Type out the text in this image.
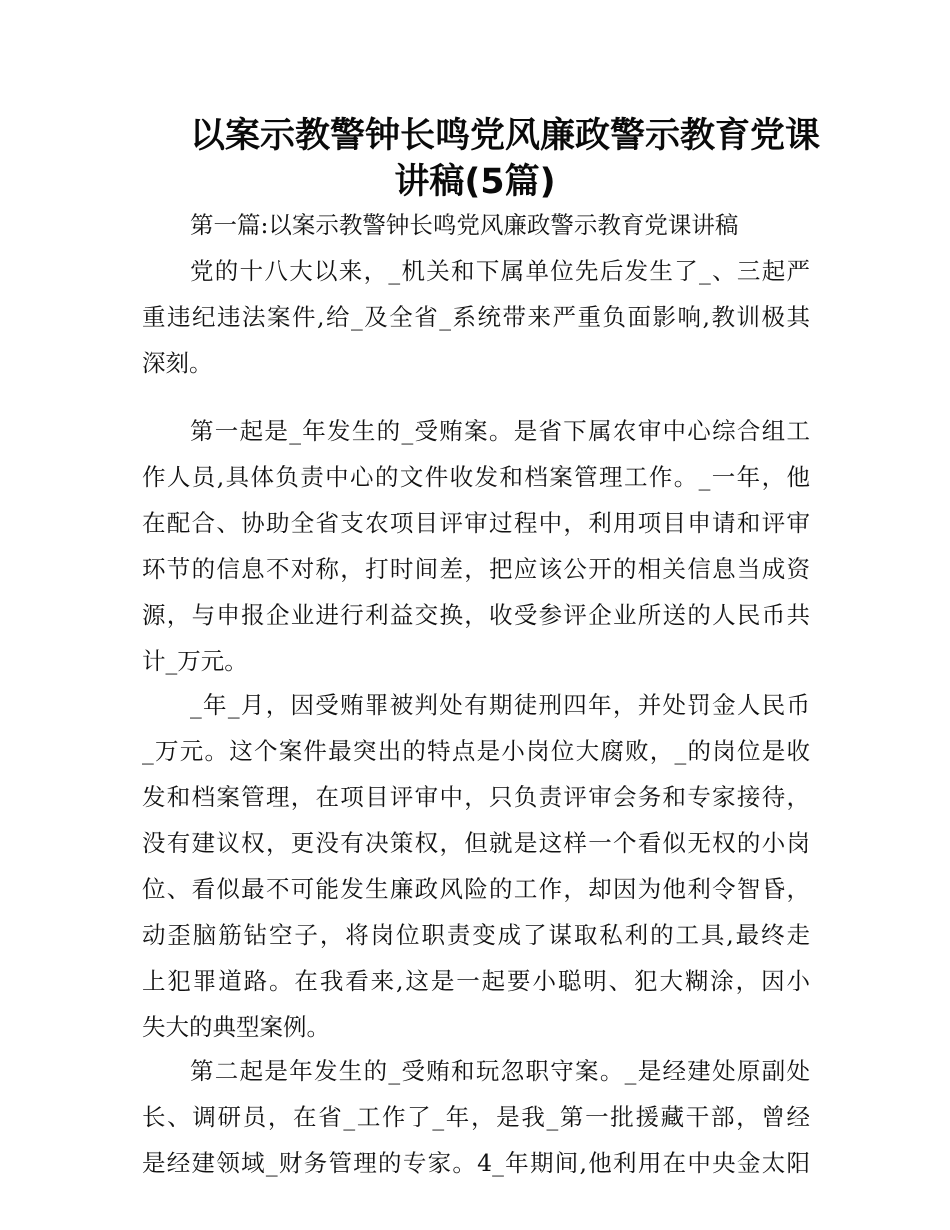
以案示教警钟长鸣党风廉政警示教育党课
讲稿(5篇)
第一篇:以案示教警钟长鸣党风廉政警示教育党课讲稿
党的十八大以来，_机关和下属单位先后发生了_、三起严
重违纪违法案件,给_及全省_系统带来严重负面影响,教训极其
深刻。
第一起是_年发生的_受贿案。是省下属农审中心综合组工
作人员,具体负责中心的文件收发和档案管理工作。_一年，他
在配合、协助全省支农项目评审过程中，利用项目申请和评审
环节的信息不对称，打时间差，把应该公开的相关信息当成资
源，与申报企业进行利益交换，收受参评企业所送的人民币共
计_万元。
_年_月，因受贿罪被判处有期徒刑四年，并处罚金人民币
_万元。这个案件最突出的特点是小岗位大腐败，_的岗位是收
发和档案管理，在项目评审中，只负责评审会务和专家接待，
没有建议权，更没有决策权，但就是这样一个看似无权的小岗
位、看似最不可能发生廉政风险的工作，却因为他利令智昏，
动歪脑筋钻空子，将岗位职责变成了谋取私利的工具,最终走
上犯罪道路。在我看来,这是一起要小聪明、犯大糊涂，因小
失大的典型案例。
第二起是年发生的_受贿和玩忽职守案。_是经建处原副处
长、调研员，在省_工作了_年，是我_第一批援藏干部，曾经
是经建领域_财务管理的专家。4_年期间,他利用在中央金太阳
